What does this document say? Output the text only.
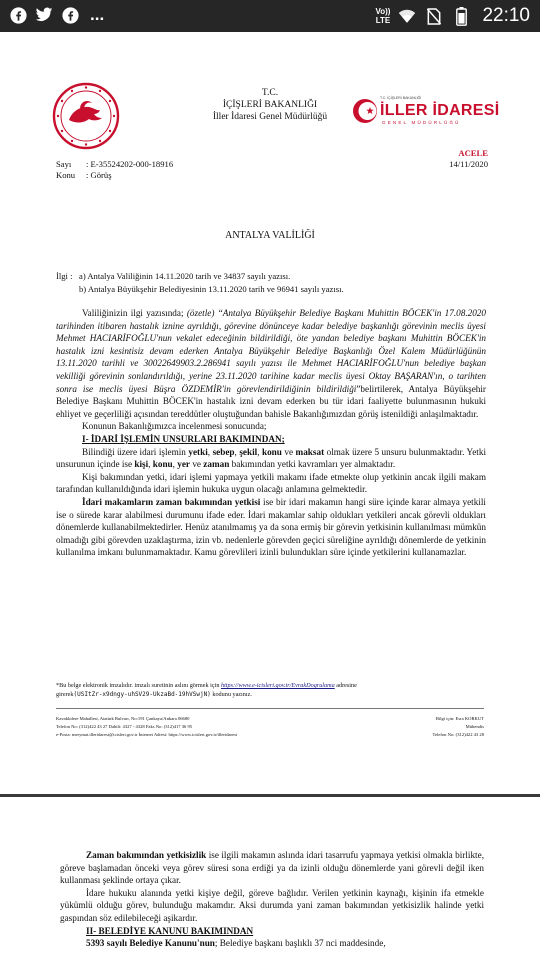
...	Vo))
LTE	22:10
T.C.
İÇİŞLERİ BAKANLIĞI
İller İdaresi Genel Müdürlüğü
T.C. İÇİŞLERİ BAKANLIĞI
İLLER İDARESİ
GENEL MÜDÜRLÜĞÜ
ACELE
14/11/2020
Sayı : E-35524202-000-18916
Konu : Görüş
ANTALYA VALİLİĞİ
İlgi : a) Antalya Valiliğinin 14.11.2020 tarih ve 34837 sayılı yazısı.
b) Antalya Büyükşehir Belediyesinin 13.11.2020 tarih ve 96941 sayılı yazısı.

Valiliğinizin ilgi yazısında; (özetle) “Antalya Büyükşehir Belediye Başkanı Muhittin BÖCEK'in 17.08.2020 tarihinden itibaren hastalık iznine ayrıldığı, görevine dönünceye kadar belediye başkanlığı görevinin meclis üyesi Mehmet HACIARİFOĞLU'nun vekalet edeceğinin bildirildiği, öte yandan belediye başkanı Muhittin BÖCEK'in hastalık izni kesintisiz devam ederken Antalya Büyükşehir Belediye Başkanlığı Özel Kalem Müdürlüğünün 13.11.2020 tarihli ve 30022649903.2.286941 sayılı yazısı ile Mehmet HACIARİFOĞLU'nun belediye başkan vekilliği görevinin sonlandırıldığı, yerine 23.11.2020 tarihine kadar meclis üyesi Oktay BAŞARAN'ın, o tarihten sonra ise meclis üyesi Büşra ÖZDEMİR'in görevlendirildiğinin bildirildiği”belirtilerek, Antalya Büyükşehir Belediye Başkanı Muhittin BÖCEK'in hastalık izni devam ederken bu tür idari faaliyette bulunmasının hukuki ehliyet ve geçerliliği açısından tereddütler oluştuğundan bahisle Bakanlığımızdan görüş istenildiği anlaşılmaktadır.

Konunun Bakanlığımızca incelenmesi sonucunda;

I- İDARİ İŞLEMİN UNSURLARI BAKIMINDAN;

Bilindiği üzere idari işlemin yetki, sebep, şekil, konu ve maksat olmak üzere 5 unsuru bulunmaktadır. Yetki unsurunun içinde ise kişi, konu, yer ve zaman bakımından yetki kavramları yer almaktadır.

Kişi bakımından yetki, idari işlemi yapmaya yetkili makamı ifade etmekte olup yetkinin ancak ilgili makam tarafından kullanıldığında idari işlemin hukuka uygun olacağı anlamına gelmektedir.

İdari makamların zaman bakımından yetkisi ise bir idari makamın hangi süre içinde karar almaya yetkili ise o sürede karar alabilmesi durumunu ifade eder. İdari makamlar sahip oldukları yetkileri ancak görevli oldukları dönemlerde kullanabilmektedirler. Henüz atanılmamış ya da sona ermiş bir görevin yetkisinin kullanılması mümkün olmadığı gibi görevden uzaklaştırma, izin vb. nedenlerle görevden geçici süreliğine ayrıldığı dönemlerde de yetkinin kullanılma imkanı bulunmamaktadır. Kamu görevlileri izinli bulundukları süre içinde yetkilerini kullanamazlar.

*Bu belge elektronik imzalıdır. imzalı suretinin aslını görmek için https://www.e-icisleri.gov.tr/EvrakDogrulama adresine
girerek(USItZr-x9dngy-uhSV29-UkzaBd-19hVSwjN) kodunu yazınız.
Kavaklıdere Mahallesi, Atatürk Bulvarı, No:191 Çankaya/Ankara 06680
Telefon No: (312)422 43 27 Dahili: 4327 - 4328 Faks No: (312)417 36 95
e-Posta: merymat.illeridaresi@icisleri.gov.tr İnternet Adresi: https://www.icisleri.gov.tr/illeridaresi
Bilgi için: Esra KORKUT
Mühendis
Telefon No: (312)422 43 28

Zaman bakımından yetkisizlik ise ilgili makamın aslında idari tasarrufu yapmaya yetkisi olmakla birlikte, göreve başlamadan önceki veya görev süresi sona erdiği ya da izinli olduğu dönemlerde yani görevli değil iken kullanması şeklinde ortaya çıkar.

İdare hukuku alanında yetki kişiye değil, göreve bağlıdır. Verilen yetkinin kaynağı, kişinin ifa etmekle yükümlü olduğu görev, bulunduğu makamdır. Aksi durumda yani zaman bakımından yetkisizlik halinde yetki gaspından söz edilebileceği aşikardır.

II- BELEDİYE KANUNU BAKIMINDAN

5393 sayılı Belediye Kanunu'nun; Belediye başkanı başlıklı 37 nci maddesinde,
